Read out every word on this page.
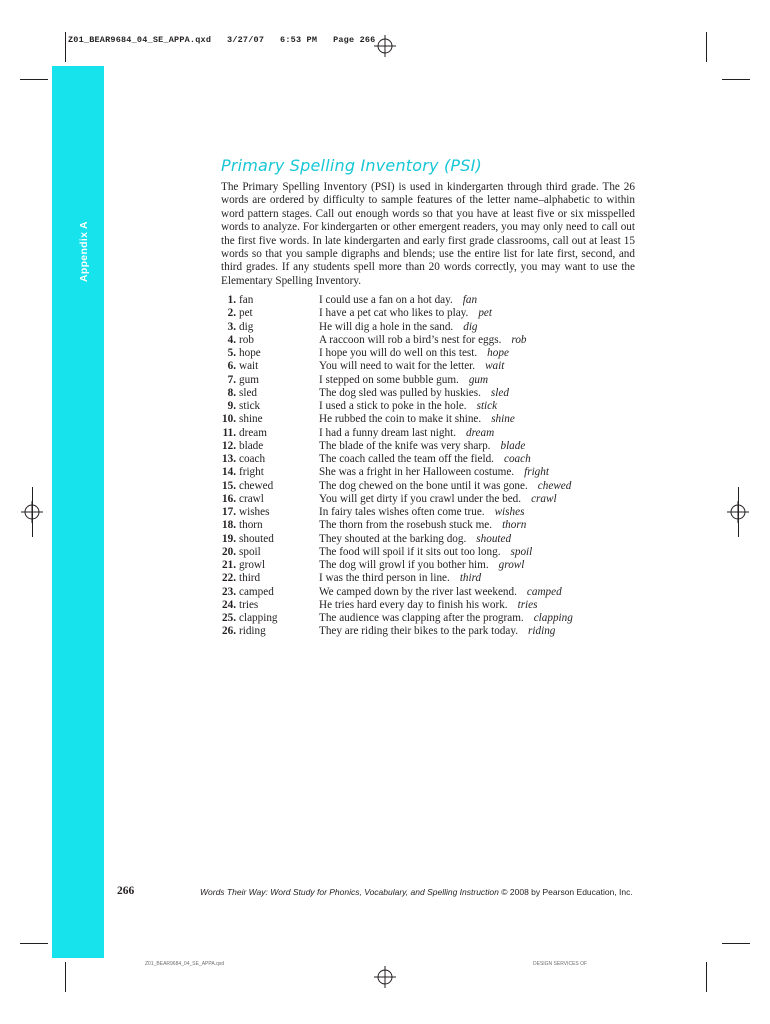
Z01_BEAR9684_04_SE_APPA.qxd 3/27/07 6:53 PM Page 266
Appendix A
Primary Spelling Inventory (PSI)

The Primary Spelling Inventory (PSI) is used in kindergarten through third grade. The 26 words are ordered by difficulty to sample features of the letter name–alphabetic to within word pattern stages. Call out enough words so that you have at least five or six misspelled words to analyze. For kindergarten or other emergent readers, you may only need to call out the first five words. In late kindergarten and early first grade classrooms, call out at least 15 words so that you sample digraphs and blends; use the entire list for late first, second, and third grades. If any students spell more than 20 words correctly, you may want to use the Elementary Spelling Inventory.

1. fan	I could use a fan on a hot day. fan
2. pet	I have a pet cat who likes to play. pet
3. dig	He will dig a hole in the sand. dig
4. rob	A raccoon will rob a bird’s nest for eggs. rob
5. hope	I hope you will do well on this test. hope
6. wait	You will need to wait for the letter. wait
7. gum	I stepped on some bubble gum. gum
8. sled	The dog sled was pulled by huskies. sled
9. stick	I used a stick to poke in the hole. stick
10. shine	He rubbed the coin to make it shine. shine
11. dream	I had a funny dream last night. dream
12. blade	The blade of the knife was very sharp. blade
13. coach	The coach called the team off the field. coach
14. fright	She was a fright in her Halloween costume. fright
15. chewed	The dog chewed on the bone until it was gone. chewed
16. crawl	You will get dirty if you crawl under the bed. crawl
17. wishes	In fairy tales wishes often come true. wishes
18. thorn	The thorn from the rosebush stuck me. thorn
19. shouted	They shouted at the barking dog. shouted
20. spoil	The food will spoil if it sits out too long. spoil
21. growl	The dog will growl if you bother him. growl
22. third	I was the third person in line. third
23. camped	We camped down by the river last weekend. camped
24. tries	He tries hard every day to finish his work. tries
25. clapping	The audience was clapping after the program. clapping
26. riding	They are riding their bikes to the park today. riding
266	Words Their Way: Word Study for Phonics, Vocabulary, and Spelling Instruction © 2008 by Pearson Education, Inc.
Z01_BEAR9684_04_SE_APPA.qxd	DESIGN SERVICES OF
